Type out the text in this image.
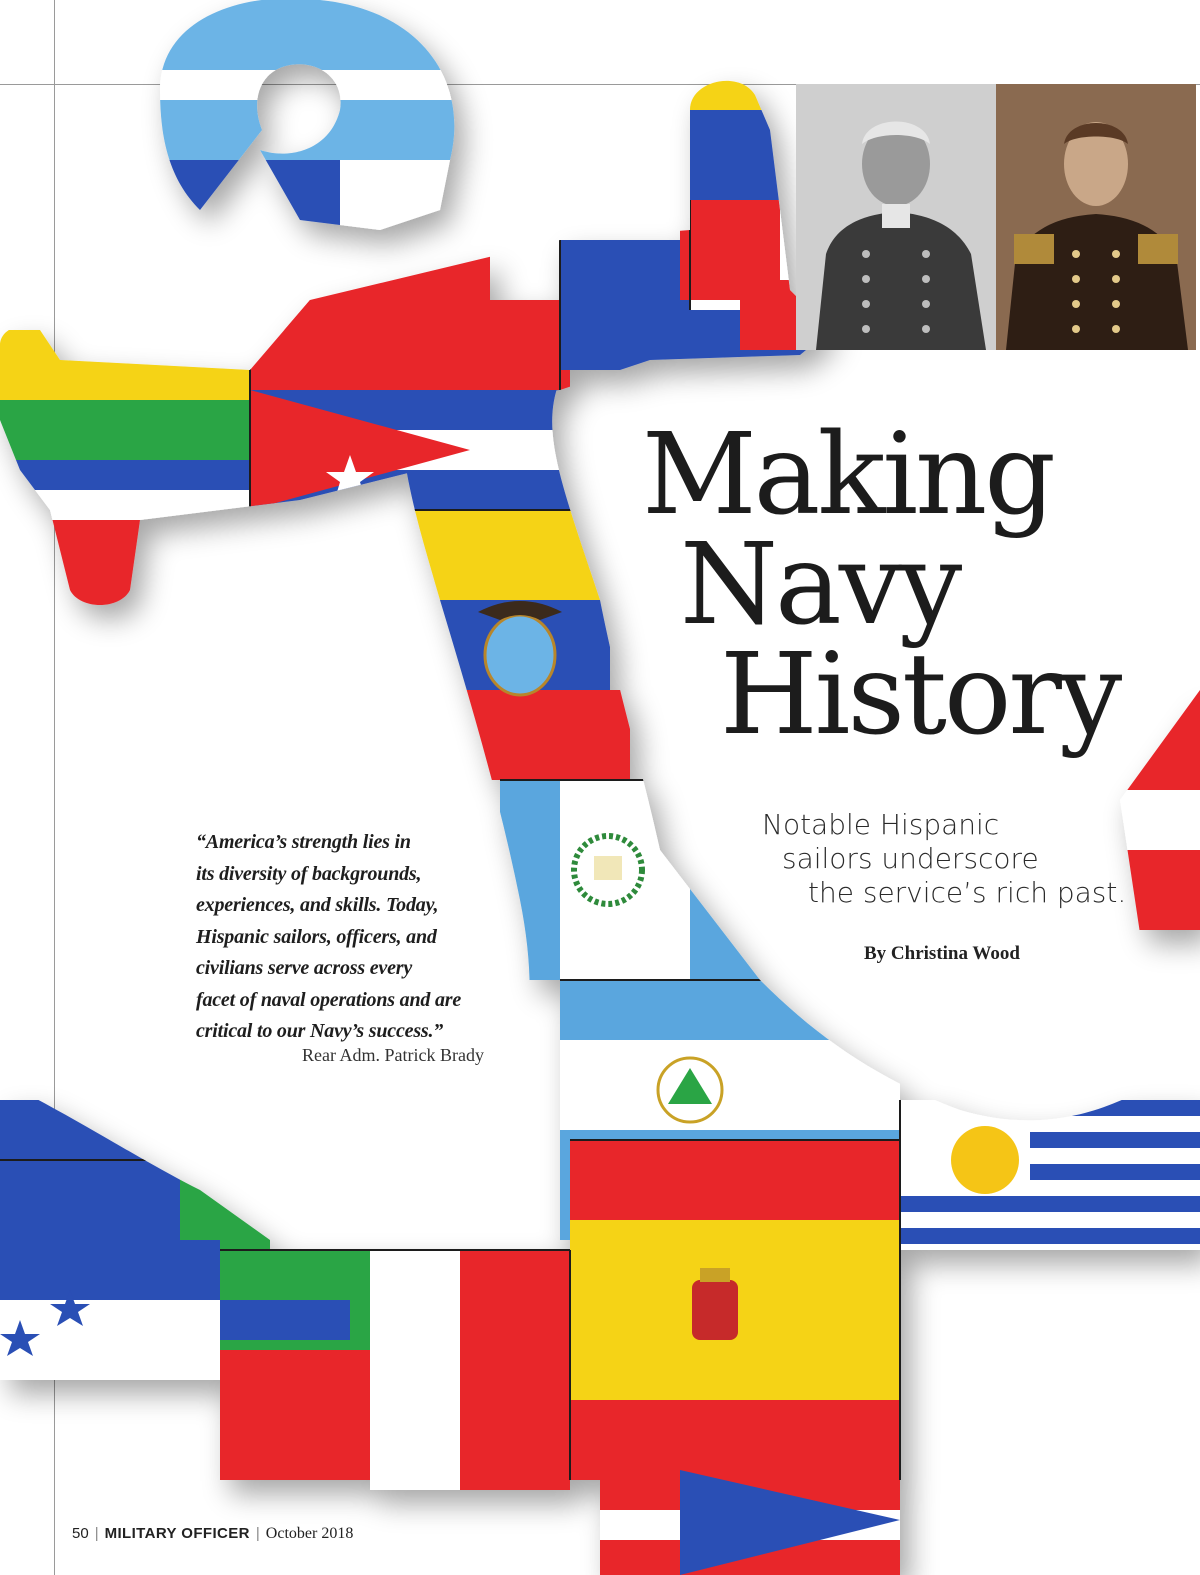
Making
Navy
History
Notable Hispanic
sailors underscore
the service’s rich past.
By Christina Wood

“America’s strength lies in
its diversity of backgrounds,
experiences, and skills. Today,
Hispanic sailors, officers, and
civilians serve across every
facet of naval operations and are
critical to our Navy’s success.”

Rear Adm. Patrick Brady
50 | MILITARY OFFICER | October 2018
